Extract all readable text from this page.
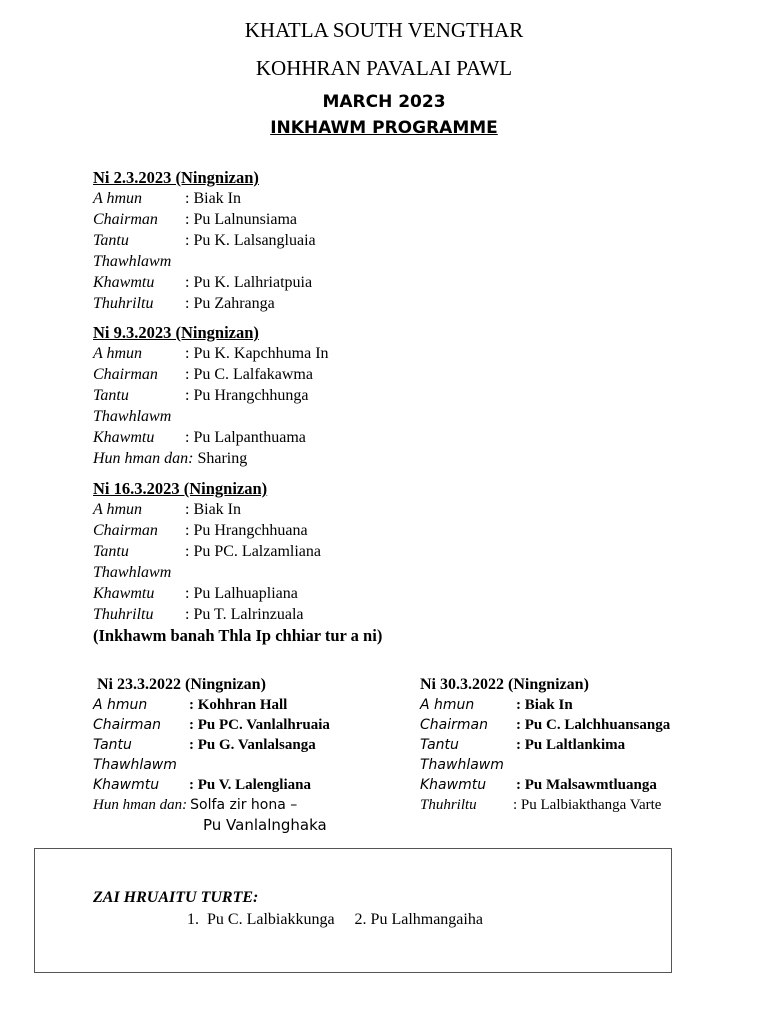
KHATLA SOUTH VENGTHAR
KOHHRAN PAVALAI PAWL
MARCH 2023
INKHAWM PROGRAMME
Ni 2.3.2023 (Ningnizan)
A hmun	: Biak In
Chairman : Pu Lalnunsiama
Tantu	: Pu K. Lalsangluaia
Thawhlawm
Khawmtu : Pu K. Lalhriatpuia
Thuhriltu : Pu Zahranga
Ni 9.3.2023 (Ningnizan)
A hmun	: Pu K. Kapchhuma In
Chairman : Pu C. Lalfakawma
Tantu	: Pu Hrangchhunga
Thawhlawm
Khawmtu : Pu Lalpanthuama
Hun hman dan: Sharing
Ni 16.3.2023 (Ningnizan)
A hmun	: Biak In
Chairman : Pu Hrangchhuana
Tantu	: Pu PC. Lalzamliana
Thawhlawm
Khawmtu : Pu Lalhuapliana
Thuhriltu : Pu T. Lalrinzuala
(Inkhawm banah Thla Ip chhiar tur a ni)
Ni 23.3.2022 (Ningnizan)
A hmun	: Kohhran Hall
Chairman : Pu PC. Vanlalhruaia
Tantu	: Pu G. Vanlalsanga
Thawhlawm
Khawmtu : Pu V. Lalengliana
Hun hman dan: Solfa zir hona –
Pu Vanlalnghaka
Ni 30.3.2022 (Ningnizan)
A hmun	: Biak In
Chairman : Pu C. Lalchhuansanga
Tantu	: Pu Laltlankima
Thawhlawm
Khawmtu : Pu Malsawmtluanga
Thuhriltu : Pu Lalbiakthanga Varte
ZAI HRUAITU TURTE:
1.  Pu C. Lalbiakkunga     2. Pu Lalhmangaiha
